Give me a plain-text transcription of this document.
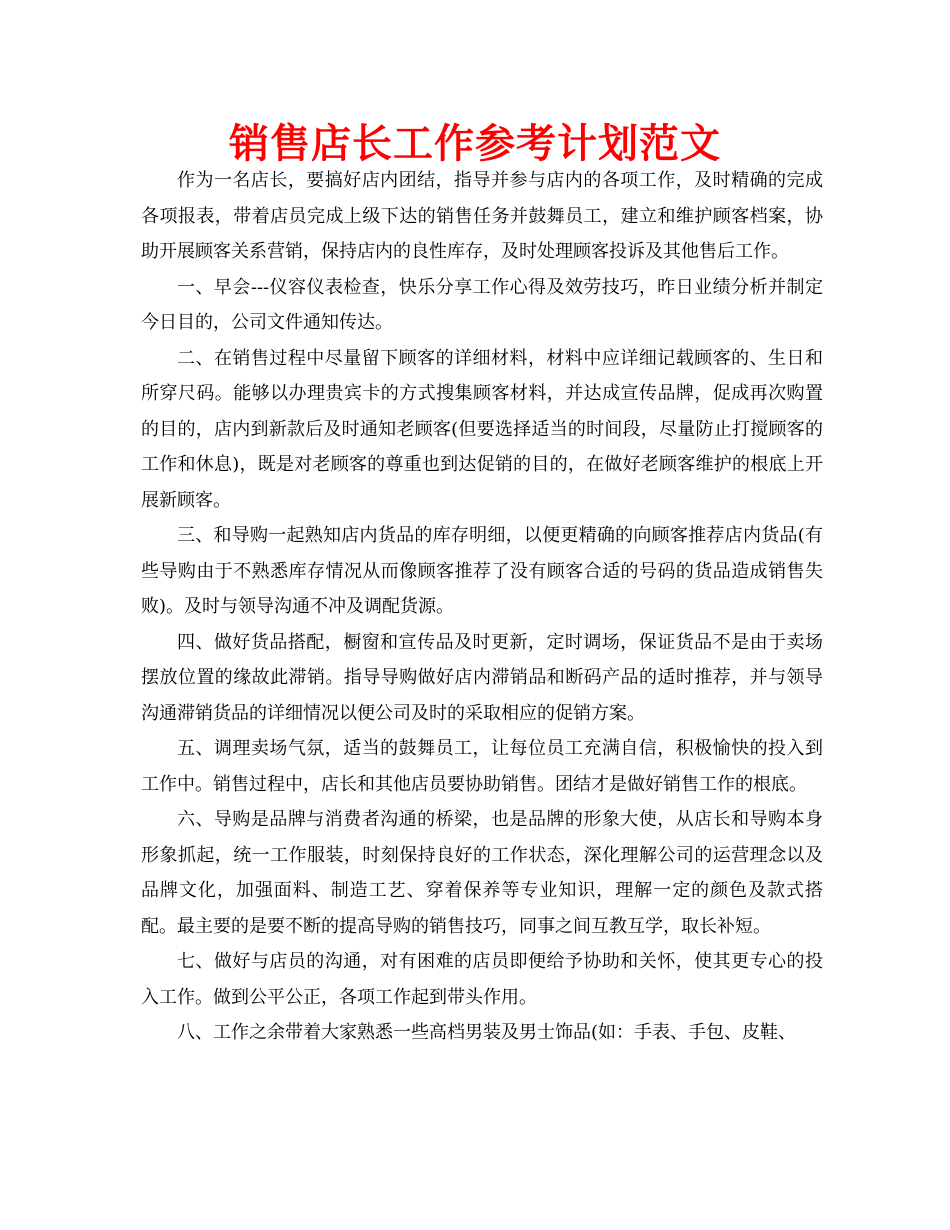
销售店长工作参考计划范文

作为一名店长，要搞好店内团结，指导并参与店内的各项工作，及时精确的完成各项报表，带着店员完成上级下达的销售任务并鼓舞员工，建立和维护顾客档案，协助开展顾客关系营销，保持店内的良性库存，及时处理顾客投诉及其他售后工作。

一、早会---仪容仪表检查，快乐分享工作心得及效劳技巧，昨日业绩分析并制定今日目的，公司文件通知传达。

二、在销售过程中尽量留下顾客的详细材料，材料中应详细记载顾客的、生日和所穿尺码。能够以办理贵宾卡的方式搜集顾客材料，并达成宣传品牌，促成再次购置的目的，店内到新款后及时通知老顾客(但要选择适当的时间段，尽量防止打搅顾客的工作和休息)，既是对老顾客的尊重也到达促销的目的，在做好老顾客维护的根底上开展新顾客。

三、和导购一起熟知店内货品的库存明细，以便更精确的向顾客推荐店内货品(有些导购由于不熟悉库存情况从而像顾客推荐了没有顾客合适的号码的货品造成销售失败)。及时与领导沟通不冲及调配货源。

四、做好货品搭配，橱窗和宣传品及时更新，定时调场，保证货品不是由于卖场摆放位置的缘故此滞销。指导导购做好店内滞销品和断码产品的适时推荐，并与领导沟通滞销货品的详细情况以便公司及时的采取相应的促销方案。

五、调理卖场气氛，适当的鼓舞员工，让每位员工充满自信，积极愉快的投入到工作中。销售过程中，店长和其他店员要协助销售。团结才是做好销售工作的根底。

六、导购是品牌与消费者沟通的桥梁，也是品牌的形象大使，从店长和导购本身形象抓起，统一工作服装，时刻保持良好的工作状态，深化理解公司的运营理念以及品牌文化，加强面料、制造工艺、穿着保养等专业知识，理解一定的颜色及款式搭配。最主要的是要不断的提高导购的销售技巧，同事之间互教互学，取长补短。

七、做好与店员的沟通，对有困难的店员即便给予协助和关怀，使其更专心的投入工作。做到公平公正，各项工作起到带头作用。

八、工作之余带着大家熟悉一些高档男装及男士饰品(如：手表、手包、皮鞋、
